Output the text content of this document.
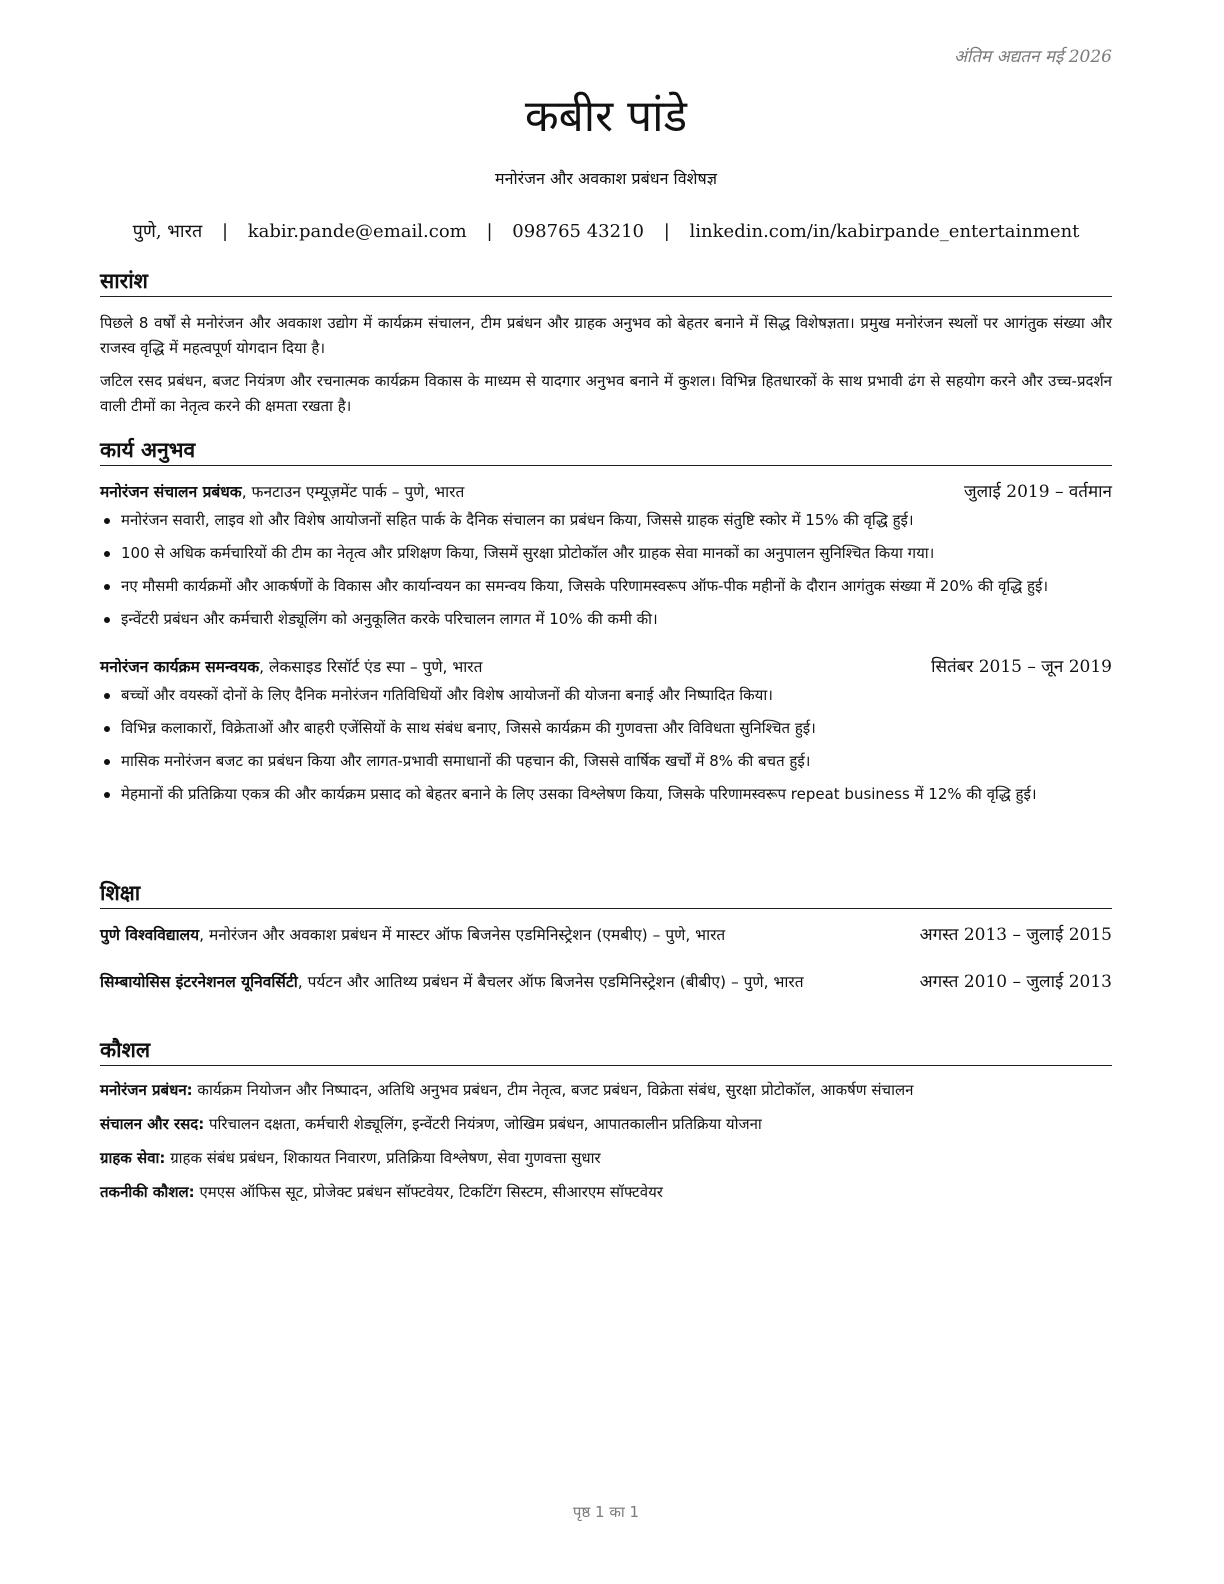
अंतिम अद्यतन मई 2026
कबीर पांडे
मनोरंजन और अवकाश प्रबंधन विशेषज्ञ
पुणे, भारत | kabir.pande@email.com | 098765 43210 | linkedin.com/in/kabirpande_entertainment
सारांश

पिछले 8 वर्षों से मनोरंजन और अवकाश उद्योग में कार्यक्रम संचालन, टीम प्रबंधन और ग्राहक अनुभव को बेहतर बनाने में सिद्ध विशेषज्ञता। प्रमुख मनोरंजन स्थलों पर आगंतुक संख्या और राजस्व वृद्धि में महत्वपूर्ण योगदान दिया है।

जटिल रसद प्रबंधन, बजट नियंत्रण और रचनात्मक कार्यक्रम विकास के माध्यम से यादगार अनुभव बनाने में कुशल। विभिन्न हितधारकों के साथ प्रभावी ढंग से सहयोग करने और उच्च-प्रदर्शन वाली टीमों का नेतृत्व करने की क्षमता रखता है।

कार्य अनुभव
मनोरंजन संचालन प्रबंधक, फनटाउन एम्यूज़मेंट पार्क – पुणे, भारत	जुलाई 2019 – वर्तमान
मनोरंजन सवारी, लाइव शो और विशेष आयोजनों सहित पार्क के दैनिक संचालन का प्रबंधन किया, जिससे ग्राहक संतुष्टि स्कोर में 15% की वृद्धि हुई।
100 से अधिक कर्मचारियों की टीम का नेतृत्व और प्रशिक्षण किया, जिसमें सुरक्षा प्रोटोकॉल और ग्राहक सेवा मानकों का अनुपालन सुनिश्चित किया गया।
नए मौसमी कार्यक्रमों और आकर्षणों के विकास और कार्यान्वयन का समन्वय किया, जिसके परिणामस्वरूप ऑफ-पीक महीनों के दौरान आगंतुक संख्या में 20% की वृद्धि हुई।
इन्वेंटरी प्रबंधन और कर्मचारी शेड्यूलिंग को अनुकूलित करके परिचालन लागत में 10% की कमी की।
मनोरंजन कार्यक्रम समन्वयक, लेकसाइड रिसॉर्ट एंड स्पा – पुणे, भारत	सितंबर 2015 – जून 2019
बच्चों और वयस्कों दोनों के लिए दैनिक मनोरंजन गतिविधियों और विशेष आयोजनों की योजना बनाई और निष्पादित किया।
विभिन्न कलाकारों, विक्रेताओं और बाहरी एजेंसियों के साथ संबंध बनाए, जिससे कार्यक्रम की गुणवत्ता और विविधता सुनिश्चित हुई।
मासिक मनोरंजन बजट का प्रबंधन किया और लागत-प्रभावी समाधानों की पहचान की, जिससे वार्षिक खर्चों में 8% की बचत हुई।
मेहमानों की प्रतिक्रिया एकत्र की और कार्यक्रम प्रसाद को बेहतर बनाने के लिए उसका विश्लेषण किया, जिसके परिणामस्वरूप repeat business में 12% की वृद्धि हुई।
शिक्षा
पुणे विश्वविद्यालय, मनोरंजन और अवकाश प्रबंधन में मास्टर ऑफ बिजनेस एडमिनिस्ट्रेशन (एमबीए) – पुणे, भारत	अगस्त 2013 – जुलाई 2015
सिम्बायोसिस इंटरनेशनल यूनिवर्सिटी, पर्यटन और आतिथ्य प्रबंधन में बैचलर ऑफ बिजनेस एडमिनिस्ट्रेशन (बीबीए) – पुणे, भारत	अगस्त 2010 – जुलाई 2013
कौशल

मनोरंजन प्रबंधन: कार्यक्रम नियोजन और निष्पादन, अतिथि अनुभव प्रबंधन, टीम नेतृत्व, बजट प्रबंधन, विक्रेता संबंध, सुरक्षा प्रोटोकॉल, आकर्षण संचालन

संचालन और रसद: परिचालन दक्षता, कर्मचारी शेड्यूलिंग, इन्वेंटरी नियंत्रण, जोखिम प्रबंधन, आपातकालीन प्रतिक्रिया योजना

ग्राहक सेवा: ग्राहक संबंध प्रबंधन, शिकायत निवारण, प्रतिक्रिया विश्लेषण, सेवा गुणवत्ता सुधार

तकनीकी कौशल: एमएस ऑफिस सूट, प्रोजेक्ट प्रबंधन सॉफ्टवेयर, टिकटिंग सिस्टम, सीआरएम सॉफ्टवेयर

पृष्ठ 1 का 1
